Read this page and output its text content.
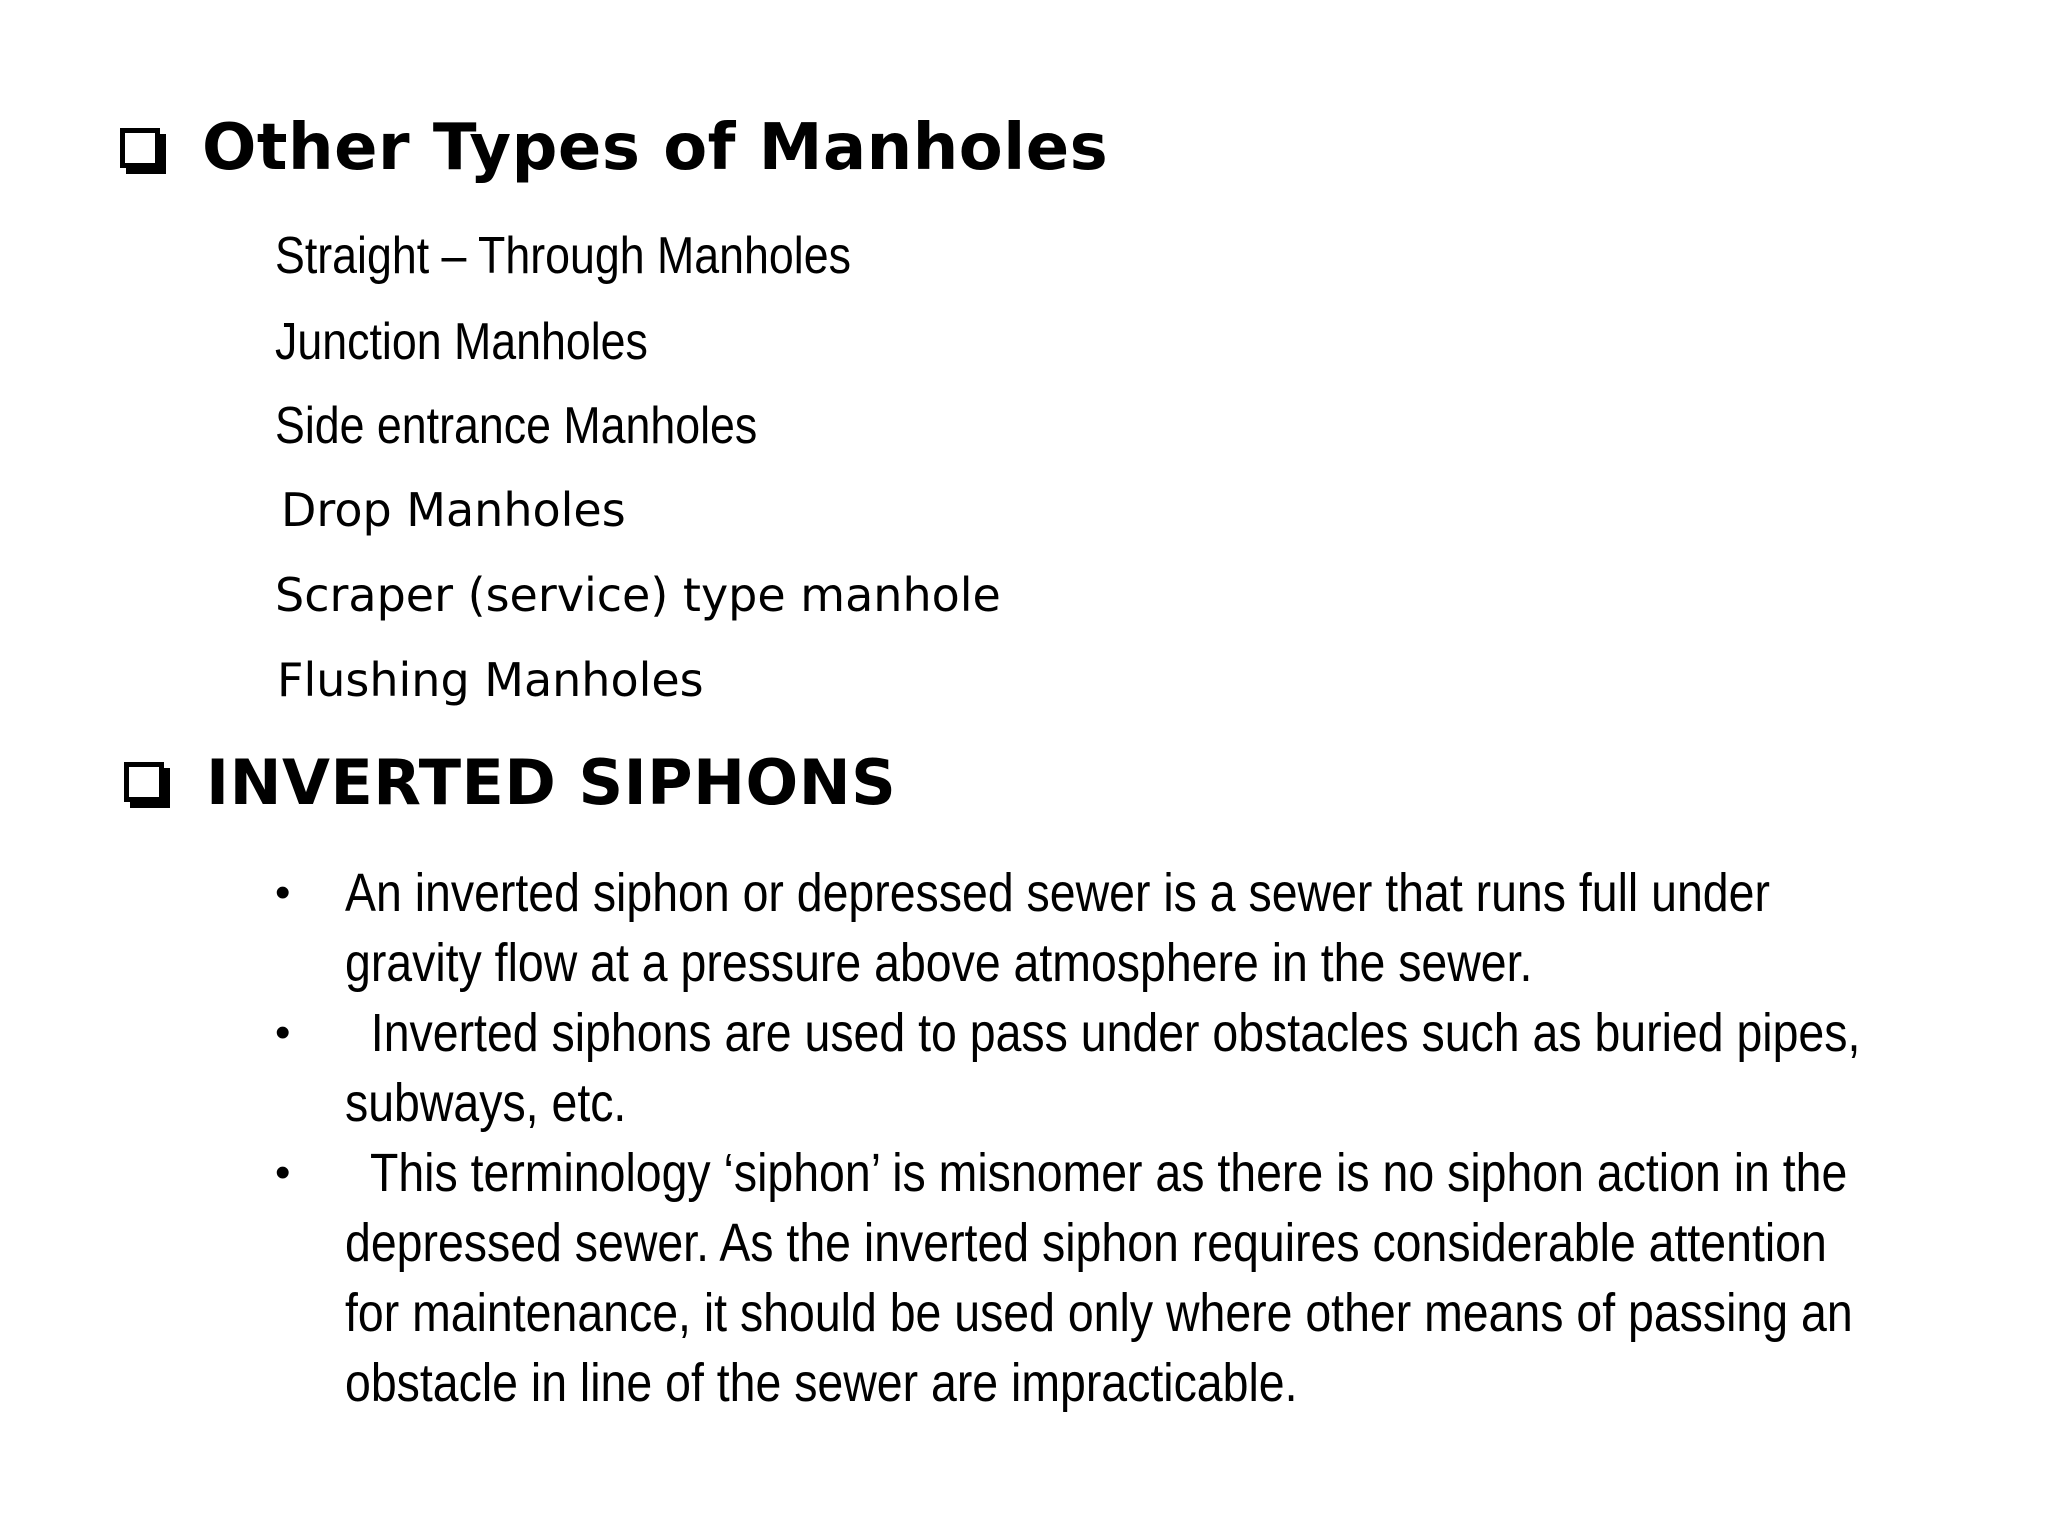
Other Types of Manholes
Straight – Through Manholes
Junction Manholes
Side entrance Manholes
Drop Manholes
Scraper (service) type manhole
Flushing Manholes
INVERTED SIPHONS
•	An inverted siphon or depressed sewer is a sewer that runs full under
gravity flow at a pressure above atmosphere in the sewer.
•	Inverted siphons are used to pass under obstacles such as buried pipes,
subways, etc.
•	This terminology ‘siphon’ is misnomer as there is no siphon action in the
depressed sewer. As the inverted siphon requires considerable attention
for maintenance, it should be used only where other means of passing an
obstacle in line of the sewer are impracticable.
